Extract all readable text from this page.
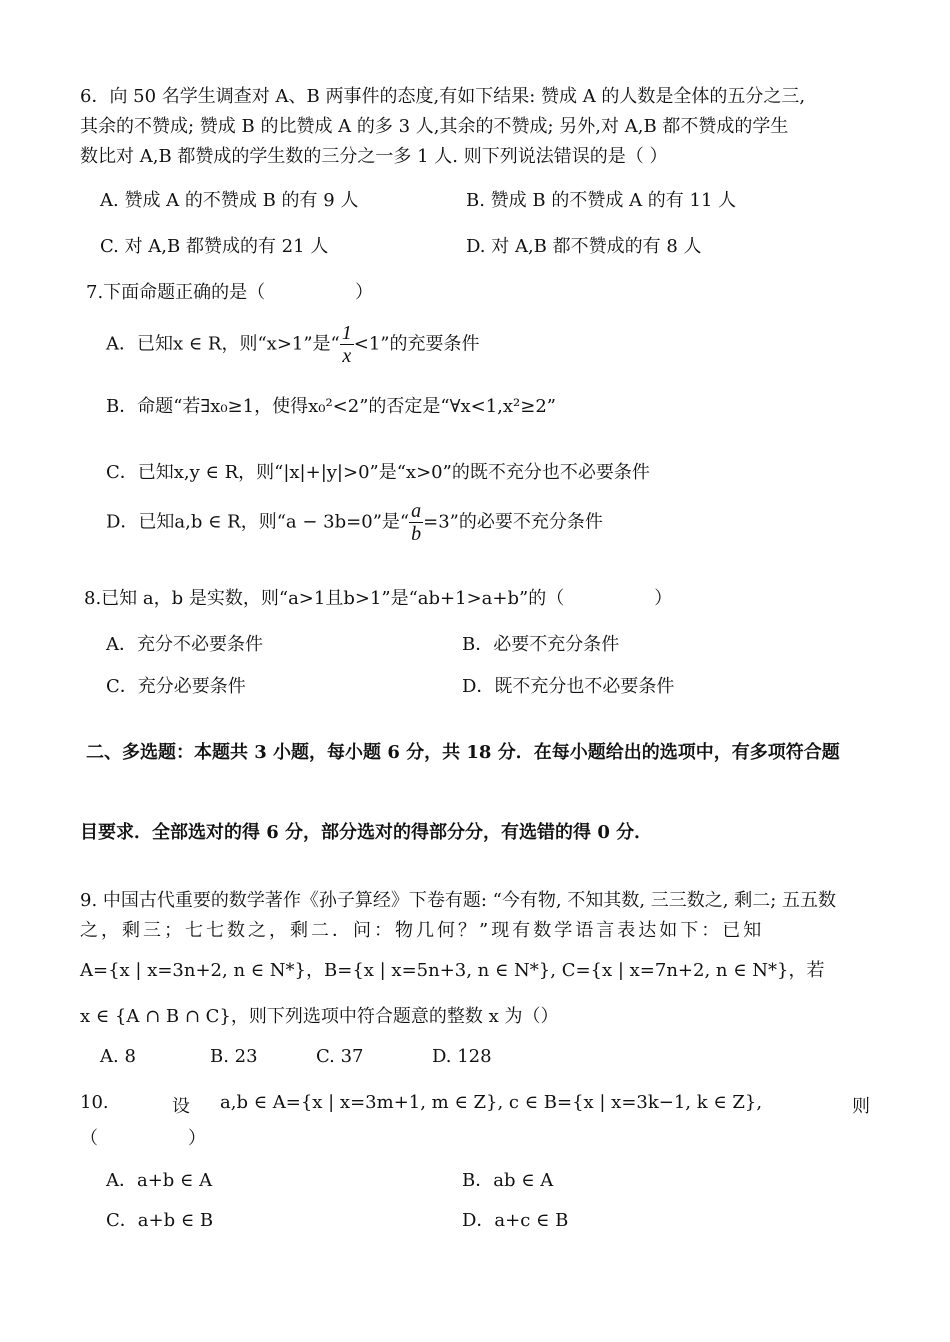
6．向 50 名学生调查对 A、B 两事件的态度,有如下结果: 赞成 A 的人数是全体的五分之三,
其余的不赞成; 赞成 B 的比赞成 A 的多 3 人,其余的不赞成; 另外,对 A,B 都不赞成的学生
数比对 A,B 都赞成的学生数的三分之一多 1 人. 则下列说法错误的是（ ）
A. 赞成 A 的不赞成 B 的有 9 人	B. 赞成 B 的不赞成 A 的有 11 人
C. 对 A,B 都赞成的有 21 人	D. 对 A,B 都不赞成的有 8 人
7.下面命题正确的是（　　　　　）
A．已知x ∈ R，则“x>1”是“ $\frac{1}{x} <1$”的充要条件
B．命题“若∃x₀≥1，使得x₀²<2”的否定是“∀x<1,x²≥2”
C．已知x,y ∈ R，则“|x|+|y|>0”是“x>0”的既不充分也不必要条件
D．已知a,b ∈ R，则“a − 3b=0”是“ $\frac{a}{b} =3$”的必要不充分条件
8.已知 a，b 是实数，则“a>1且b>1”是“ab+1>a+b”的（　　　　　）
A．充分不必要条件	B．必要不充分条件
C．充分必要条件	D．既不充分也不必要条件
二、多选题：本题共 3 小题，每小题 6 分，共 18 分．在每小题给出的选项中，有多项符合题
目要求．全部选对的得 6 分，部分选对的得部分分，有选错的得 0 分．
9. 中国古代重要的数学著作《孙子算经》下卷有题: “今有物, 不知其数, 三三数之, 剩二; 五五数
之，剩三；七七数之，剩二．问：物几何？”现有数学语言表达如下：已知
A={x | x=3n+2, n ∈ N*}，B={x | x=5n+3, n ∈ N*}, C={x | x=7n+2, n ∈ N*}，若
x ∈ {A ∩ B ∩ C}，则下列选项中符合题意的整数 x 为（）
A. 8	B. 23	C. 37	D. 128
10.	设 a,b ∈ A={x | x=3m+1, m ∈ Z}, c ∈ B={x | x=3k−1, k ∈ Z},	则
（　　　　　）
A．a+b ∈ A	B．ab ∈ A
C．a+b ∈ B	D．a+c ∈ B
